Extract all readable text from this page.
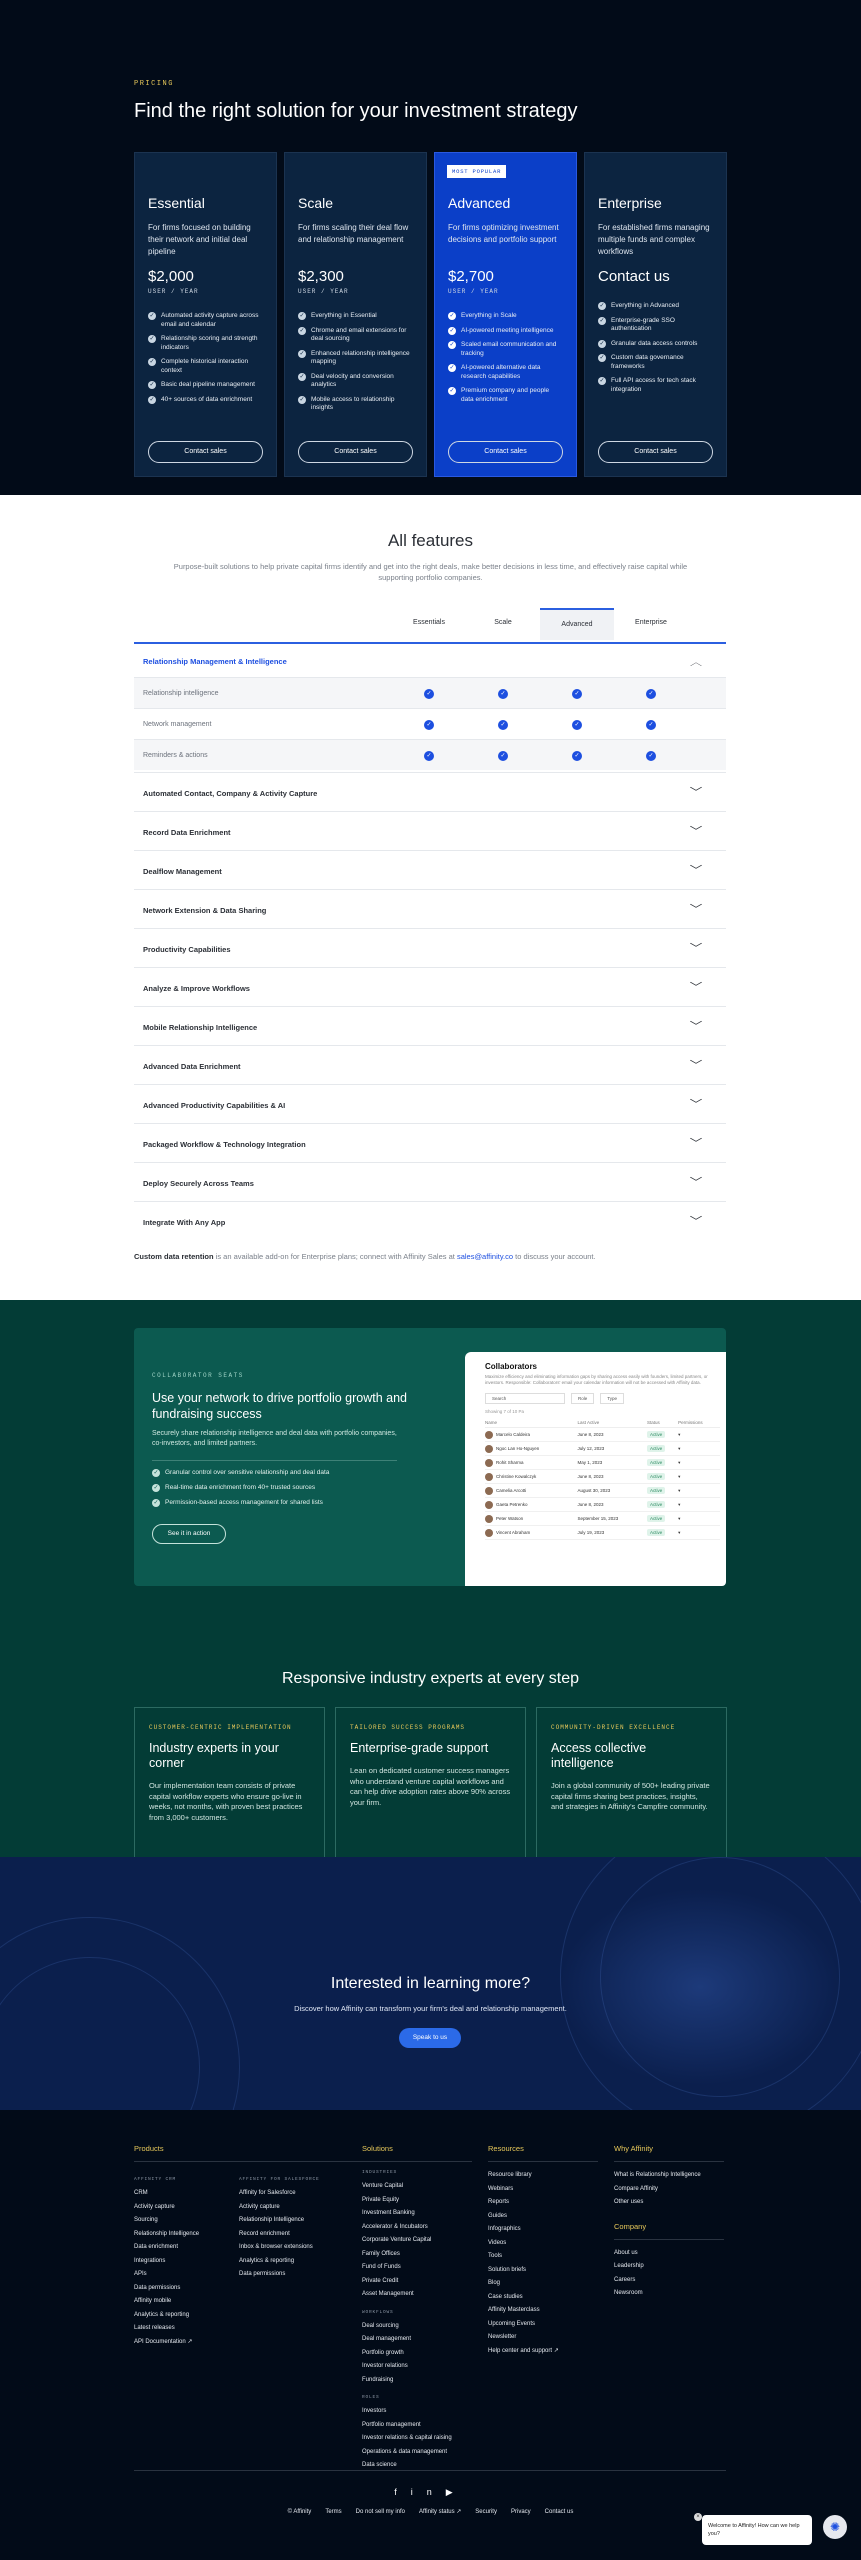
PRICING
Find the right solution for your investment strategy
Essential
For firms focused on building their network and initial deal pipeline
$2,000
USER / YEAR
✓ Automated activity capture across email and calendar
✓ Relationship scoring and strength indicators
✓ Complete historical interaction context
✓ Basic deal pipeline management
✓ 40+ sources of data enrichment
Contact sales
Scale
For firms scaling their deal flow and relationship management
$2,300
USER / YEAR
✓ Everything in Essential
✓ Chrome and email extensions for deal sourcing
✓ Enhanced relationship intelligence mapping
✓ Deal velocity and conversion analytics
✓ Mobile access to relationship insights
Contact sales
MOST POPULAR
Advanced
For firms optimizing investment decisions and portfolio support
$2,700
USER / YEAR
✓ Everything in Scale
✓ AI-powered meeting intelligence
✓ Scaled email communication and tracking
✓ AI-powered alternative data research capabilities
✓ Premium company and people data enrichment
Contact sales
Enterprise
For established firms managing multiple funds and complex workflows
Contact us
✓ Everything in Advanced
✓ Enterprise-grade SSO authentication
✓ Granular data access controls
✓ Custom data governance frameworks
✓ Full API access for tech stack integration
Contact sales
All features

Purpose-built solutions to help private capital firms identify and get into the right deals, make better decisions in less time, and effectively raise capital while supporting portfolio companies.

Essentials	Scale	Advanced	Enterprise
Relationship Management & Intelligence	︿
Relationship intelligence	✓	✓	✓	✓
Network management	✓	✓	✓	✓
Reminders & actions	✓	✓	✓	✓
Automated Contact, Company & Activity Capture	﹀
Record Data Enrichment	﹀
Dealflow Management	﹀
Network Extension & Data Sharing	﹀
Productivity Capabilities	﹀
Analyze & Improve Workflows	﹀
Mobile Relationship Intelligence	﹀
Advanced Data Enrichment	﹀
Advanced Productivity Capabilities & AI	﹀
Packaged Workflow & Technology Integration	﹀
Deploy Securely Across Teams	﹀
Integrate With Any App	﹀

Custom data retention is an available add-on for Enterprise plans; connect with Affinity Sales at sales@affinity.co to discuss your account.

COLLABORATOR SEATS
Use your network to drive portfolio growth and fundraising success

Securely share relationship intelligence and deal data with portfolio companies, co-investors, and limited partners.

✓ Granular control over sensitive relationship and deal data
✓ Real-time data enrichment from 40+ trusted sources
✓ Permission-based access management for shared lists
See it in action
Collaborators
Maximize efficiency and eliminating information gaps by sharing access easily with founders, limited partners, or investors. Responsible: Collaborators' email your calendar information will not be accessed with Affinity data.
Search	Role	Type
Showing 7 of 10 Pa
Name	Last Active	Status	Permissions
Marcelo Caldeira	June 8, 2023	Active	▾
Ngoc Lan Ho-Nguyen	July 12, 2023	Active	▾
Rohit Sharma	May 1, 2023	Active	▾
Christine Kowalczyk	June 8, 2023	Active	▾
Camelia Arcotti	August 30, 2023	Active	▾
Gaeta Petrenko	June 8, 2023	Active	▾
Peter Watson	September 15, 2023	Active	▾
Vincent Abraham	July 19, 2023	Active	▾
Responsive industry experts at every step
CUSTOMER-CENTRIC IMPLEMENTATION
Industry experts in your corner

Our implementation team consists of private capital workflow experts who ensure go-live in weeks, not months, with proven best practices from 3,000+ customers.

TAILORED SUCCESS PROGRAMS
Enterprise-grade support

Lean on dedicated customer success managers who understand venture capital workflows and can help drive adoption rates above 90% across your firm.

COMMUNITY-DRIVEN EXCELLENCE
Access collective intelligence

Join a global community of 500+ leading private capital firms sharing best practices, insights, and strategies in Affinity's Campfire community.

Interested in learning more?

Discover how Affinity can transform your firm's deal and relationship management.

Speak to us
Products
AFFINITY CRM
CRM
Activity capture
Sourcing
Relationship Intelligence
Data enrichment
Integrations
APIs
Data permissions
Affinity mobile
Analytics & reporting
Latest releases
API Documentation ↗
AFFINITY FOR SALESFORCE
Affinity for Salesforce
Activity capture
Relationship Intelligence
Record enrichment
Inbox & browser extensions
Analytics & reporting
Data permissions
Solutions
INDUSTRIES
Venture Capital
Private Equity
Investment Banking
Accelerator & Incubators
Corporate Venture Capital
Family Offices
Fund of Funds
Private Credit
Asset Management
WORKFLOWS
Deal sourcing
Deal management
Portfolio growth
Investor relations
Fundraising
ROLES
Investors
Portfolio management
Investor relations & capital raising
Operations & data management
Data science
Resources
Resource library
Webinars
Reports
Guides
Infographics
Videos
Tools
Solution briefs
Blog
Case studies
Affinity Masterclass
Upcoming Events
Newsletter
Help center and support ↗
Why Affinity
What is Relationship Intelligence
Compare Affinity
Other uses
Company
About us
Leadership
Careers
Newsroom
fin▶
© Affinity Terms Do not sell my info Affinity status ↗ Security Privacy Contact us
×
Welcome to Affinity! How can we help you?	✺
